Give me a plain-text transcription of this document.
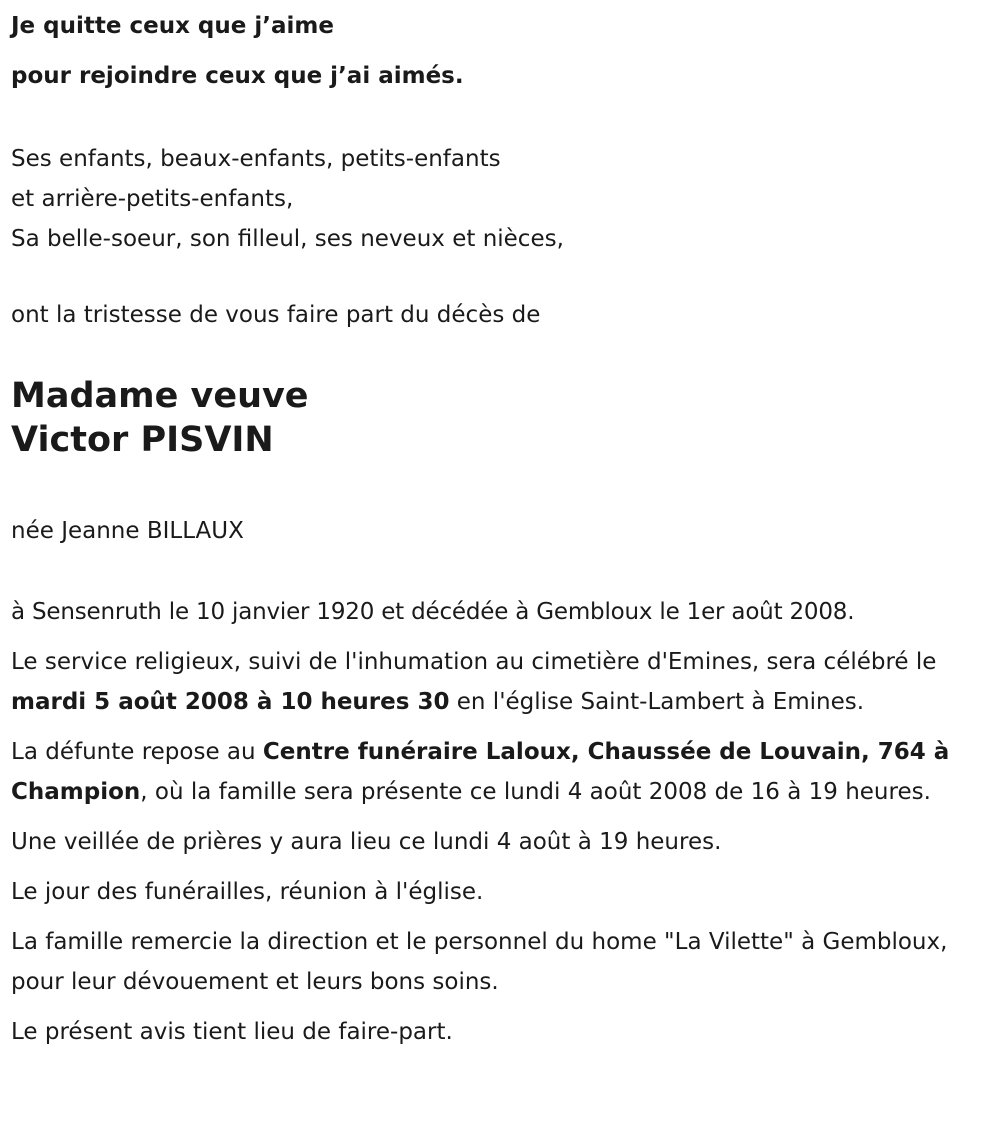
Je quitte ceux que j’aime

pour rejoindre ceux que j’ai aimés.

Ses enfants, beaux-enfants, petits-enfants
et arrière-petits-enfants,
Sa belle-soeur, son filleul, ses neveux et nièces,

ont la tristesse de vous faire part du décès de

Madame veuve
Victor PISVIN

née Jeanne BILLAUX

à Sensenruth le 10 janvier 1920 et décédée à Gembloux le 1er août 2008.

Le service religieux, suivi de l'inhumation au cimetière d'Emines, sera célébré le mardi 5 août 2008 à 10 heures 30 en l'église Saint-Lambert à Emines.

La défunte repose au Centre funéraire Laloux, Chaussée de Louvain, 764 à Champion, où la famille sera présente ce lundi 4 août 2008 de 16 à 19 heures.

Une veillée de prières y aura lieu ce lundi 4 août à 19 heures.

Le jour des funérailles, réunion à l'église.

La famille remercie la direction et le personnel du home "La Vilette" à Gembloux, pour leur dévouement et leurs bons soins.

Le présent avis tient lieu de faire-part.
